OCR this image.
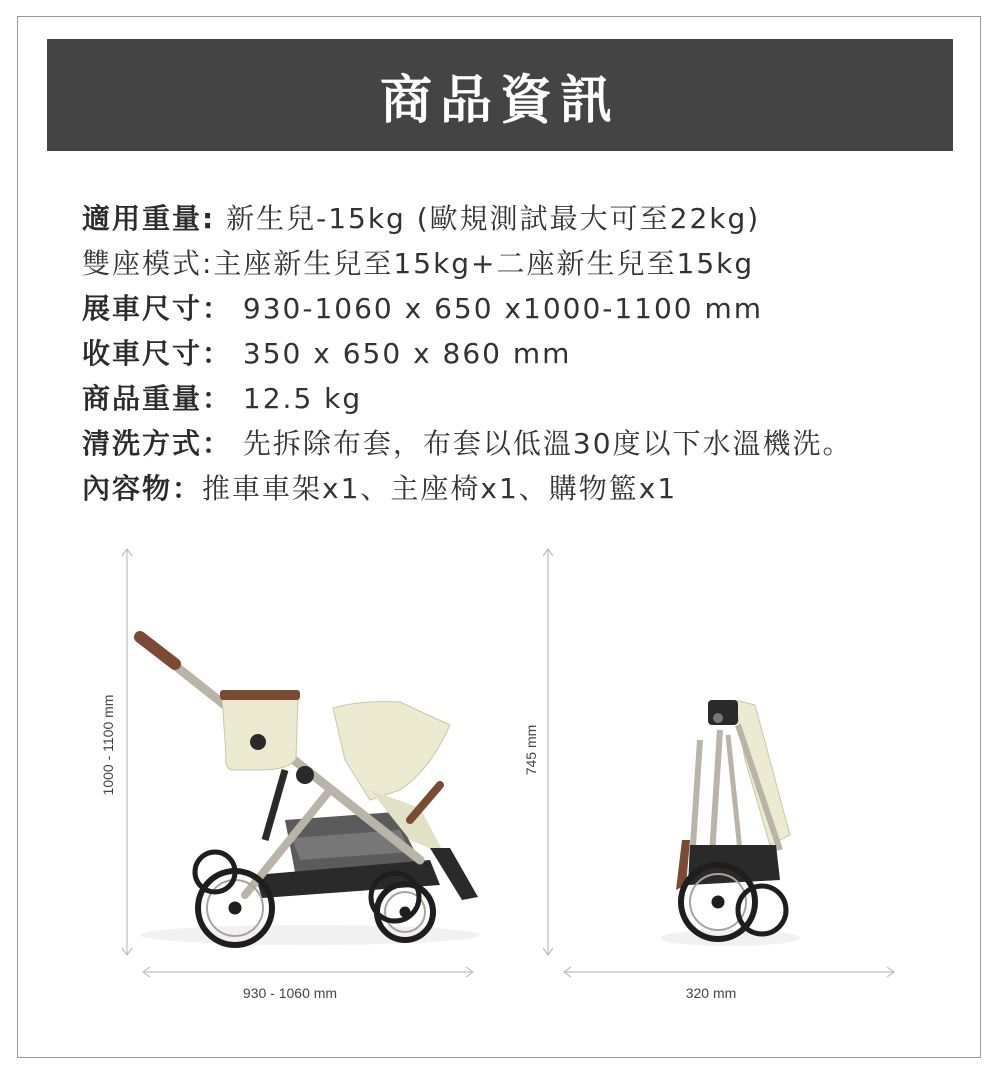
商品資訊
適用重量: 新生兒-15kg (歐規測試最大可至22kg)
雙座模式:主座新生兒至15kg+二座新生兒至15kg
展車尺寸： 930-1060 x 650 x1000-1100 mm
收車尺寸： 350 x 650 x 860 mm
商品重量： 12.5 kg
清洗方式： 先拆除布套，布套以低溫30度以下水溫機洗。
內容物：推車車架x1、主座椅x1、購物籃x1
1000 - 1100 mm	745 mm
930 - 1060 mm	320 mm
